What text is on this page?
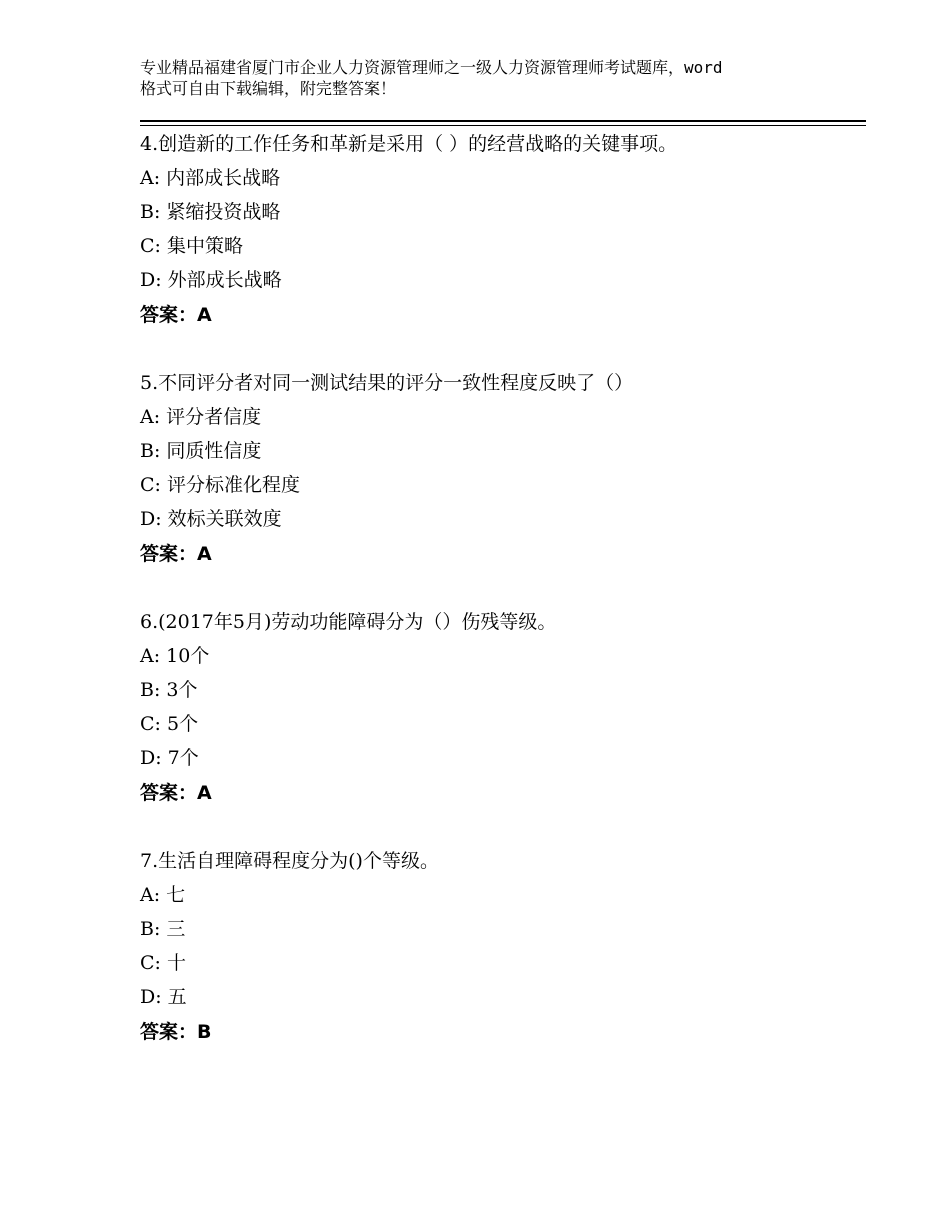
专业精品福建省厦门市企业人力资源管理师之一级人力资源管理师考试题库，word
格式可自由下载编辑，附完整答案！
4.创造新的工作任务和革新是采用（ ）的经营战略的关键事项。
A: 内部成长战略
B: 紧缩投资战略
C: 集中策略
D: 外部成长战略
答案：A
5.不同评分者对同一测试结果的评分一致性程度反映了（）
A: 评分者信度
B: 同质性信度
C: 评分标准化程度
D: 效标关联效度
答案：A
6.(2017年5月)劳动功能障碍分为（）伤残等级。
A: 10个
B: 3个
C: 5个
D: 7个
答案：A
7.生活自理障碍程度分为()个等级。
A: 七
B: 三
C: 十
D: 五
答案：B
